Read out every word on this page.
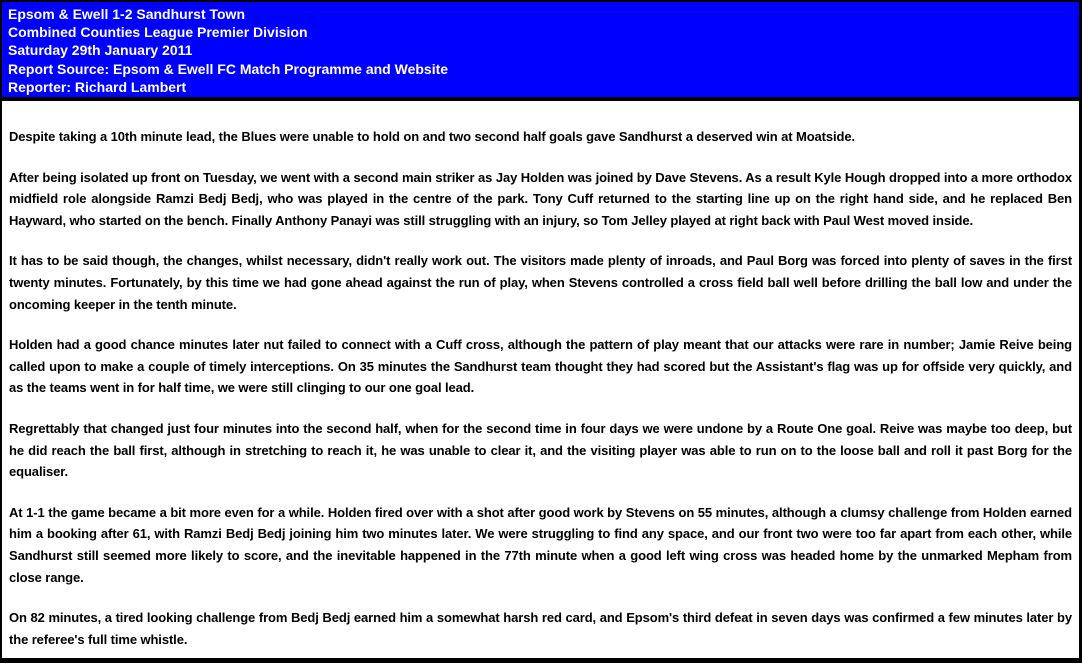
Epsom & Ewell 1-2 Sandhurst Town
Combined Counties League Premier Division
Saturday 29th January 2011
Report Source: Epsom & Ewell FC Match Programme and Website
Reporter: Richard Lambert

Despite taking a 10th minute lead, the Blues were unable to hold on and two second half goals gave Sandhurst a deserved win at Moatside.

After being isolated up front on Tuesday, we went with a second main striker as Jay Holden was joined by Dave Stevens. As a result Kyle Hough dropped into a more orthodox midfield role alongside Ramzi Bedj Bedj, who was played in the centre of the park. Tony Cuff returned to the starting line up on the right hand side, and he replaced Ben Hayward, who started on the bench. Finally Anthony Panayi was still struggling with an injury, so Tom Jelley played at right back with Paul West moved inside.

It has to be said though, the changes, whilst necessary, didn't really work out. The visitors made plenty of inroads, and Paul Borg was forced into plenty of saves in the first twenty minutes. Fortunately, by this time we had gone ahead against the run of play, when Stevens controlled a cross field ball well before drilling the ball low and under the oncoming keeper in the tenth minute.

Holden had a good chance minutes later nut failed to connect with a Cuff cross, although the pattern of play meant that our attacks were rare in number; Jamie Reive being called upon to make a couple of timely interceptions. On 35 minutes the Sandhurst team thought they had scored but the Assistant's flag was up for offside very quickly, and as the teams went in for half time, we were still clinging to our one goal lead.

Regrettably that changed just four minutes into the second half, when for the second time in four days we were undone by a Route One goal. Reive was maybe too deep, but he did reach the ball first, although in stretching to reach it, he was unable to clear it, and the visiting player was able to run on to the loose ball and roll it past Borg for the equaliser.

At 1-1 the game became a bit more even for a while. Holden fired over with a shot after good work by Stevens on 55 minutes, although a clumsy challenge from Holden earned him a booking after 61, with Ramzi Bedj Bedj joining him two minutes later. We were struggling to find any space, and our front two were too far apart from each other, while Sandhurst still seemed more likely to score, and the inevitable happened in the 77th minute when a good left wing cross was headed home by the unmarked Mepham from close range.

On 82 minutes, a tired looking challenge from Bedj Bedj earned him a somewhat harsh red card, and Epsom's third defeat in seven days was confirmed a few minutes later by the referee's full time whistle.
